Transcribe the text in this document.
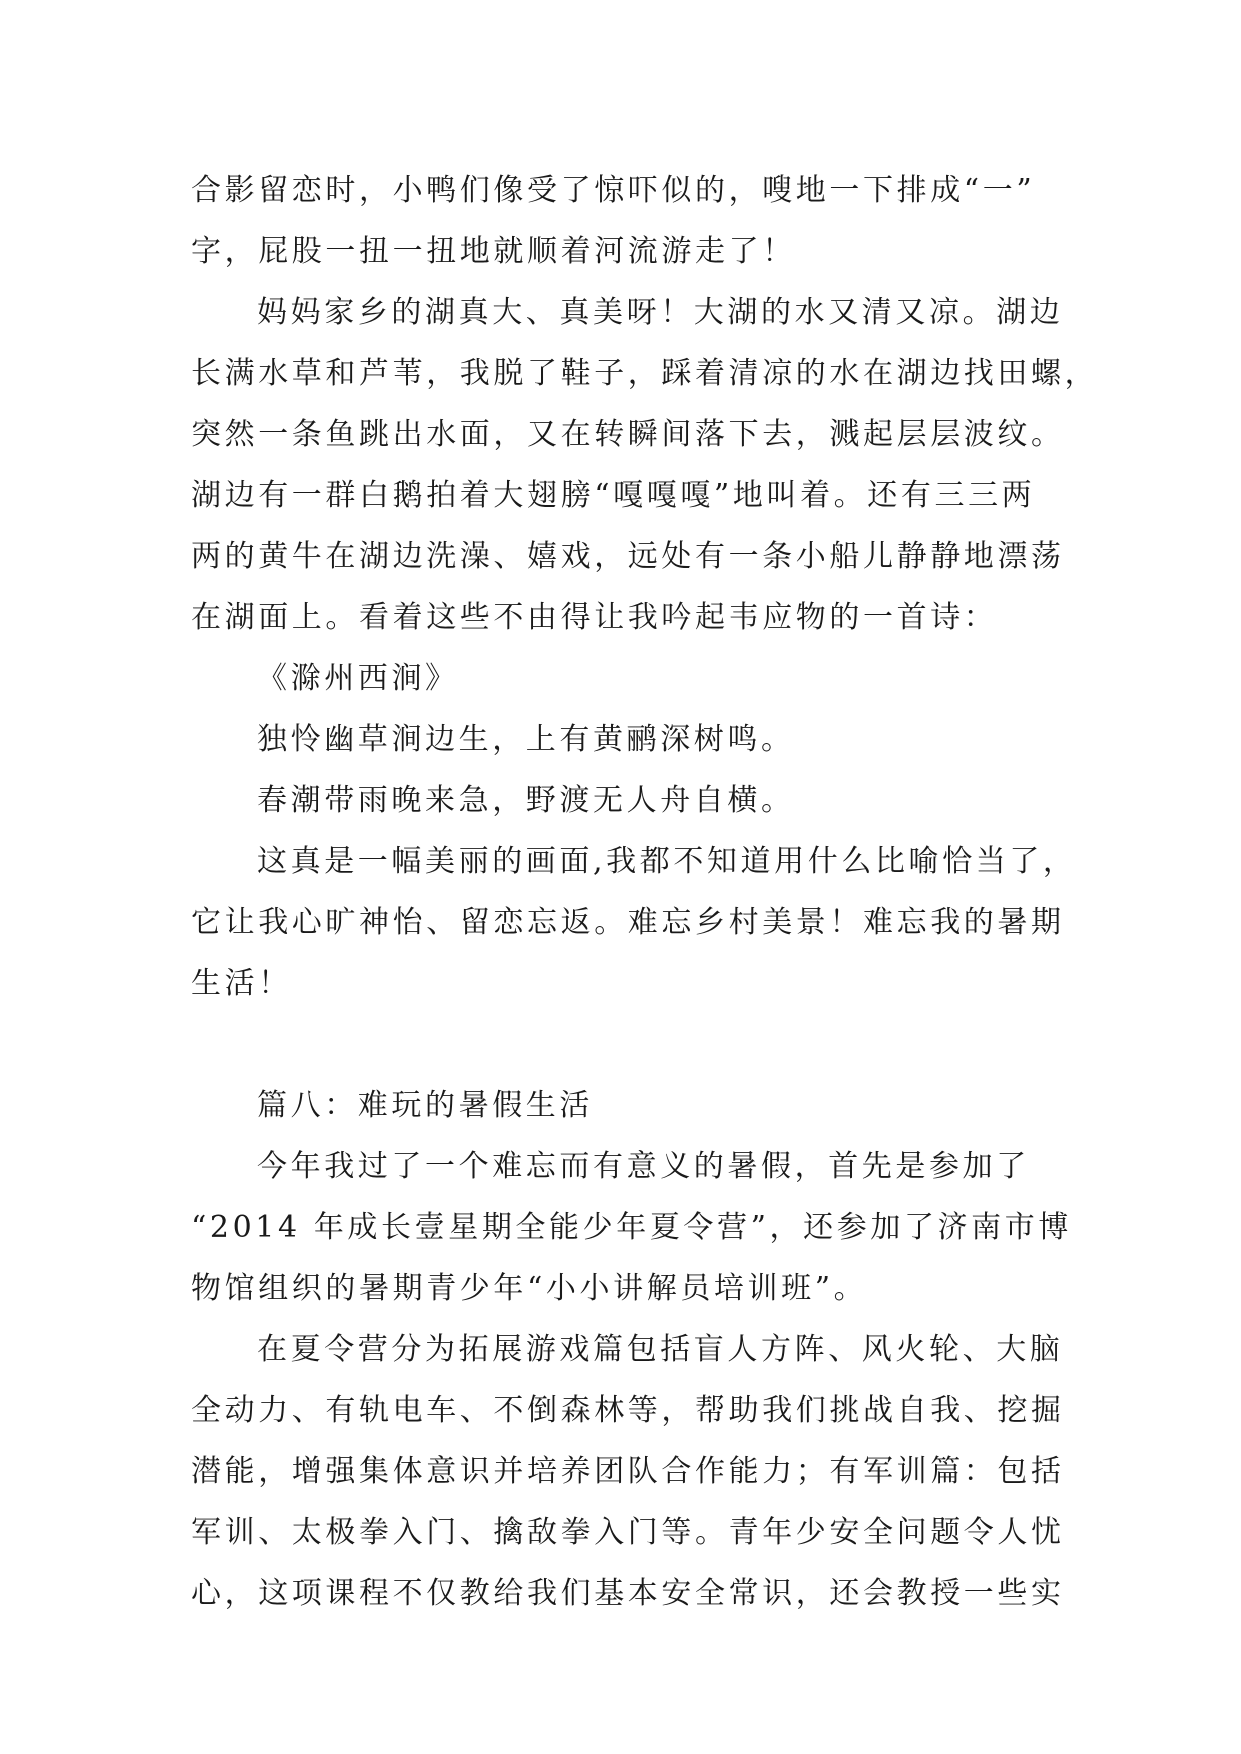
合影留恋时，小鸭们像受了惊吓似的，嗖地一下排成“一”
字，屁股一扭一扭地就顺着河流游走了！
妈妈家乡的湖真大、真美呀！大湖的水又清又凉。湖边
长满水草和芦苇，我脱了鞋子，踩着清凉的水在湖边找田螺，
突然一条鱼跳出水面，又在转瞬间落下去，溅起层层波纹。
湖边有一群白鹅拍着大翅膀“嘎嘎嘎”地叫着。还有三三两
两的黄牛在湖边洗澡、嬉戏，远处有一条小船儿静静地漂荡
在湖面上。看着这些不由得让我吟起韦应物的一首诗：
《滁州西涧》
独怜幽草涧边生，上有黄鹂深树鸣。
春潮带雨晚来急，野渡无人舟自横。
这真是一幅美丽的画面,我都不知道用什么比喻恰当了，
它让我心旷神怡、留恋忘返。难忘乡村美景！难忘我的暑期
生活！
篇八：难玩的暑假生活
今年我过了一个难忘而有意义的暑假，首先是参加了
“2014 年成长壹星期全能少年夏令营”，还参加了济南市博
物馆组织的暑期青少年“小小讲解员培训班”。
在夏令营分为拓展游戏篇包括盲人方阵、风火轮、大脑
全动力、有轨电车、不倒森林等，帮助我们挑战自我、挖掘
潜能，增强集体意识并培养团队合作能力；有军训篇：包括
军训、太极拳入门、擒敌拳入门等。青年少安全问题令人忧
心，这项课程不仅教给我们基本安全常识，还会教授一些实
